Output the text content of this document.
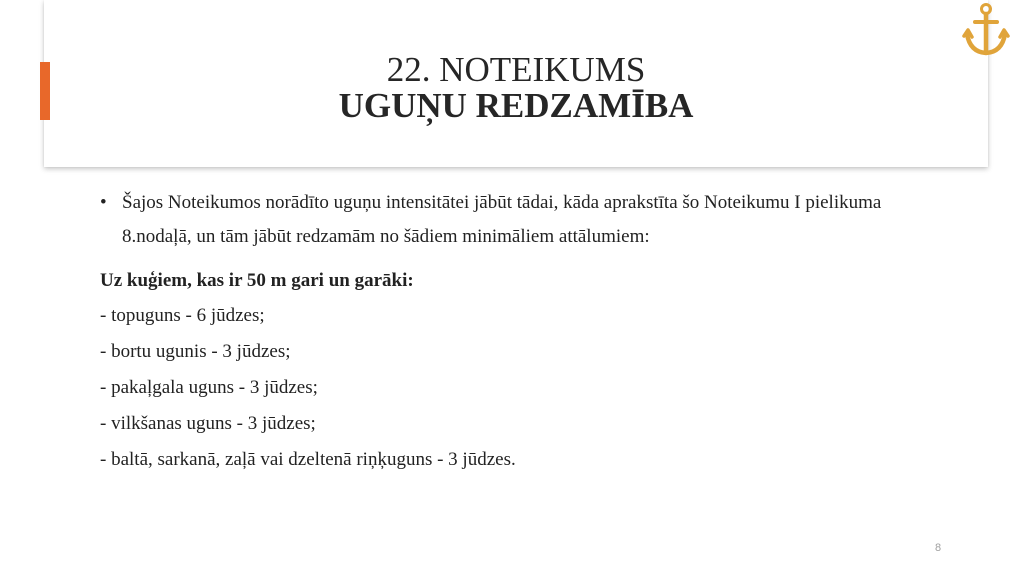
22. NOTEIKUMS
UGUŅU REDZAMĪBA
• Šajos Noteikumos norādīto uguņu intensitātei jābūt tādai, kāda aprakstīta šo Noteikumu I pielikuma 8.nodaļā, un tām jābūt redzamām no šādiem minimāliem attālumiem:
Uz kuģiem, kas ir 50 m gari un garāki:
- topuguns - 6 jūdzes;
- bortu ugunis - 3 jūdzes;
- pakaļgala uguns - 3 jūdzes;
- vilkšanas uguns - 3 jūdzes;
- baltā, sarkanā, zaļā vai dzeltenā riņķuguns - 3 jūdzes.
8
